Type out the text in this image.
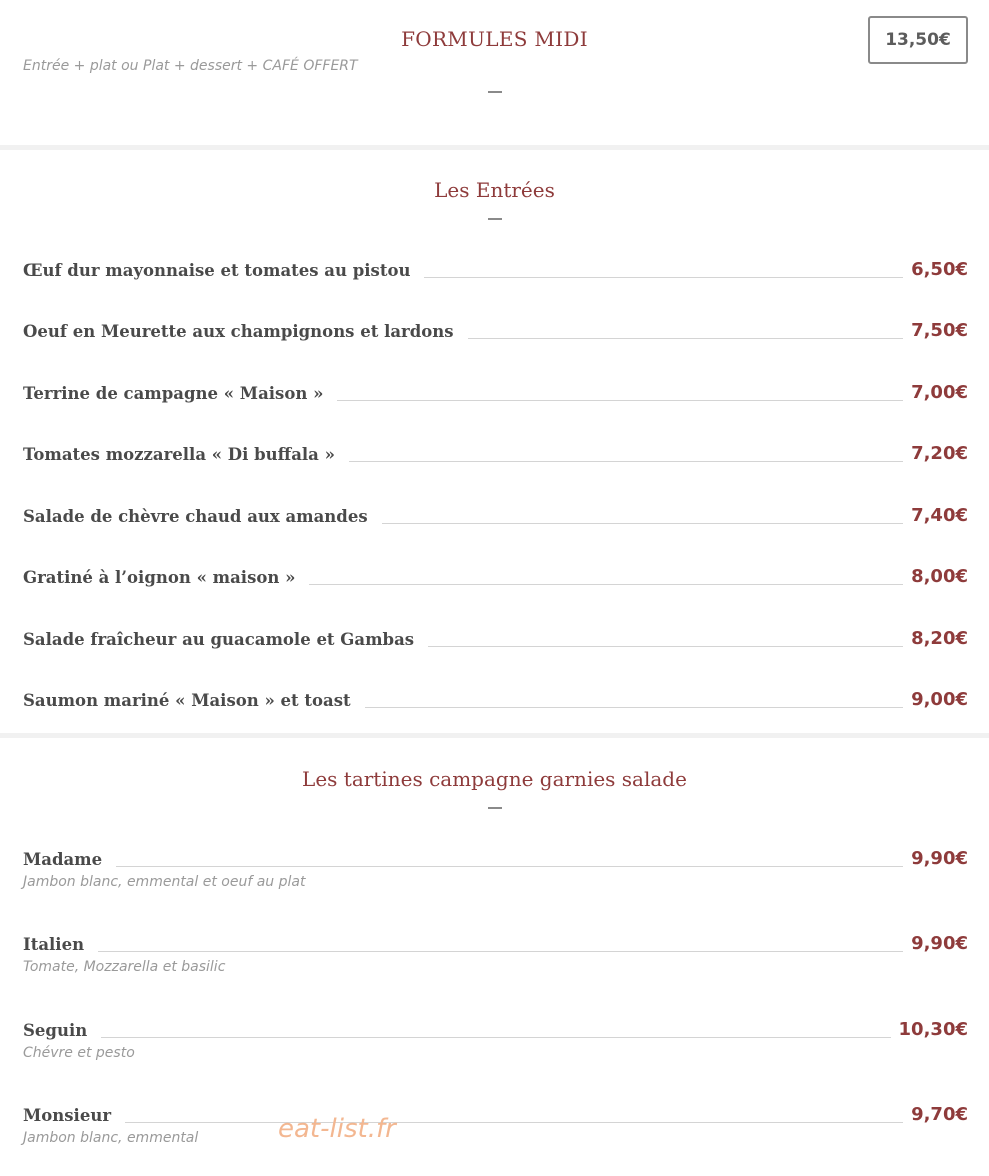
FORMULES MIDI
Entrée + plat ou Plat + dessert + CAFÉ OFFERT
13,50€
Les Entrées
Œuf dur mayonnaise et tomates au pistou	6,50€
Oeuf en Meurette aux champignons et lardons	7,50€
Terrine de campagne « Maison »	7,00€
Tomates mozzarella « Di buffala »	7,20€
Salade de chèvre chaud aux amandes	7,40€
Gratiné à l’oignon « maison »	8,00€
Salade fraîcheur au guacamole et Gambas	8,20€
Saumon mariné « Maison » et toast	9,00€
Les tartines campagne garnies salade
Madame	9,90€
Jambon blanc, emmental et oeuf au plat
Italien	9,90€
Tomate, Mozzarella et basilic
Seguin	10,30€
Chévre et pesto
Monsieur	9,70€
Jambon blanc, emmental	eat-list.fr
